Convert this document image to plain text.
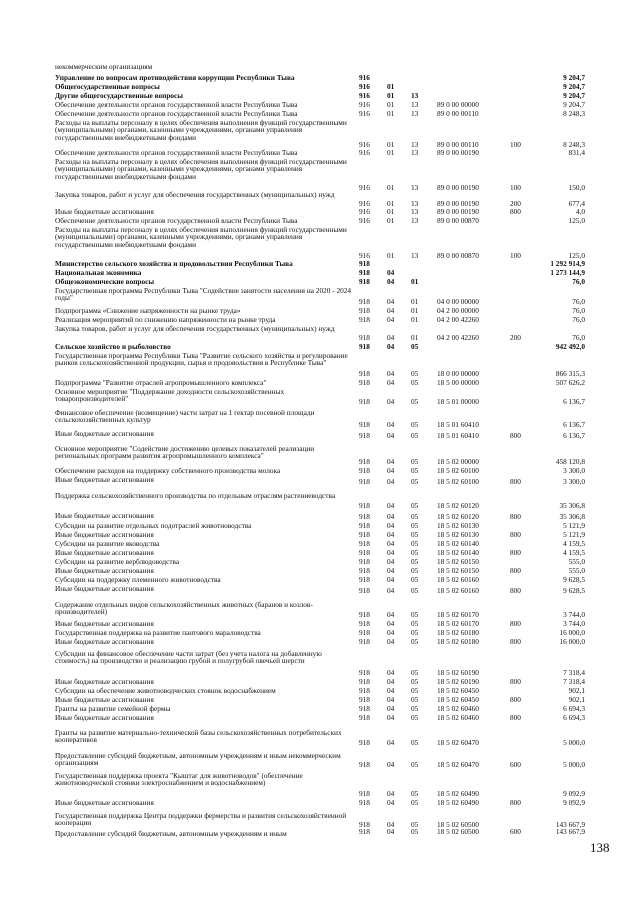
некоммерческим организациям
Управление по вопросам противодействия коррупции Республики Тыва	916	9 204,7
Общегосударственные вопросы	916 01	9 204,7
Другие общегосударственные вопросы	916 01 13	9 204,7
Обеспечение деятельности органов государственной власти Республики Тыва	916 01 13	89 0 00 00000	9 204,7
Обеспечение деятельности органов государственной власти Республики Тыва	916 01 13	89 0 00 00110	8 248,3
Расходы на выплаты персоналу в целях обеспечения выполнения функций государственными (муниципальными) органами, казенными учреждениями, органами управления государственными внебюджетными фондами
916 01 13	89 0 00 00110	100	8 248,3
Обеспечение деятельности органов государственной власти Республики Тыва	916 01 13	89 0 00 00190	831,4
Расходы на выплаты персоналу в целях обеспечения выполнения функций государственными (муниципальными) органами, казенными учреждениями, органами управления государственными внебюджетными фондами
916 01 13	89 0 00 00190	100	150,0
Закупка товаров, работ и услуг для обеспечения государственных (муниципальных) нужд
916 01 13	89 0 00 00190	200	677,4
Иные бюджетные ассигнования	916 01 13	89 0 00 00190	800	4,0
Обеспечение деятельности органов государственной власти Республики Тыва	916 01 13	89 0 00 00870	125,0
Расходы на выплаты персоналу в целях обеспечения выполнения функций государственными (муниципальными) органами, казенными учреждениями, органами управления государственными внебюджетными фондами
916 01 13	89 0 00 00870	100	125,0
Министерство сельского хозяйства и продовольствия Республики Тыва	918	1 292 914,9
Национальная экономика	918 04	1 273 144,9
Общеэкономические вопросы	918 04 01	76,0
Государственная программа Республики Тыва "Содействие занятости населения на 2020 - 2024 годы"	918 04 01	04 0 00 00000	76,0
Подпрограмма «Снижение напряженности на рынке труда»	918 04 01	04 2 00 00000	76,0
Реализация мероприятий по снижению напряженности на рынке труда	918 04 01	04 2 00 42260	76,0
Закупка товаров, работ и услуг для обеспечения государственных (муниципальных) нужд
918 04 01	04 2 00 42260	200	76,0
Сельское хозяйство и рыболовство	918 04 05	942 492,0
Государственная программа Республики Тыва "Развитие сельского хозяйства и регулирование рынков сельскохозяйственной продукции, сырья и продовольствия в Республике Тыва"
918 04 05	18 0 00 00000	866 315,3
Подпрограмма "Развитие отраслей агропромышленного комплекса"	918 04 05	18 5 00 00000	507 626,2
Основное мероприятие "Поддержание доходности сельскохозяйственных товаропроизводителей"	918 04 05	18 5 01 00000	6 136,7
Финансовое обеспечение (возмещение) части затрат на 1 гектар посевной площади сельскохозяйственных культур
918 04 05	18 5 01 60410	6 136,7
Иные бюджетные ассигнования	918 04 05	18 5 01 60410	800	6 136,7
Основное мероприятие "Содействие достижению целевых показателей реализации региональных программ развития агропромышленного комплекса"
918 04 05	18 5 02 00000	458 120,8
Обеспечение расходов на поддержку собственного производства молока	918 04 05	18 5 02 60100	3 300,0
Иные бюджетные ассигнования	918 04 05	18 5 02 60100	800	3 300,0
Поддержка сельскохозяйственного производства по отдельным отраслям растениеводства
918 04 05	18 5 02 60120	35 306,8
Иные бюджетные ассигнования	918 04 05	18 5 02 60120	800	35 306,8
Субсидии на развитие отдельных подотраслей животноводства	918 04 05	18 5 02 60130	5 121,9
Иные бюджетные ассигнования	918 04 05	18 5 02 60130	800	5 121,9
Субсидии на развитие яководства	918 04 05	18 5 02 60140	4 159,5
Иные бюджетные ассигнования	918 04 05	18 5 02 60140	800	4 159,5
Субсидии на развитие верблюдоводства	918 04 05	18 5 02 60150	555,0
Иные бюджетные ассигнования	918 04 05	18 5 02 60150	800	555,0
Субсидии на поддержку племенного животноводства	918 04 05	18 5 02 60160	9 628,5
Иные бюджетные ассигнования	918 04 05	18 5 02 60160	800	9 628,5
Содержание отдельных видов сельскохозяйственных животных (баранов и козлов-производителей)	918 04 05	18 5 02 60170	3 744,0
Иные бюджетные ассигнования	918 04 05	18 5 02 60170	800	3 744,0
Государственная поддержка на развитие пантового мараловодства	918 04 05	18 5 02 60180	16 000,0
Иные бюджетные ассигнования	918 04 05	18 5 02 60180	800	16 000,0
Субсидии на финансовое обеспечение части затрат (без учета налога на добавленную стоимость) на производство и реализацию грубой и полугрубой овечьей шерсти
918 04 05	18 5 02 60190	7 318,4
Иные бюджетные ассигнования	918 04 05	18 5 02 60190	800	7 318,4
Субсидии на обеспечение животноводческих стоянок водоснабжением	918 04 05	18 5 02 60450	902,1
Иные бюджетные ассигнования	918 04 05	18 5 02 60450	800	902,1
Гранты на развитие семейной фермы	918 04 05	18 5 02 60460	6 694,3
Иные бюджетные ассигнования	918 04 05	18 5 02 60460	800	6 694,3
Гранты на развитие материально-технической базы сельскохозяйственных потребительских кооперативов	918 04 05	18 5 02 60470	5 000,0
Предоставление субсидий бюджетным, автономным учреждениям и иным некоммерческим организациям	918 04 05	18 5 02 60470	600	5 000,0
Государственная поддержка проекта "Кыштаг для животноводов" (обеспечение животноводческой стоянки электроснабжением и водоснабжением)
918 04 05	18 5 02 60490	9 092,9
Иные бюджетные ассигнования	918 04 05	18 5 02 60490	800	9 092,9
Государственная поддержка Центра поддержки фермерства и развития сельскохозяйственной кооперации	918 04 05	18 5 02 60500	143 667,9
Предоставление субсидий бюджетным, автономным учреждениям и иным	918 04 05	18 5 02 60500	600	143 667,9
138
